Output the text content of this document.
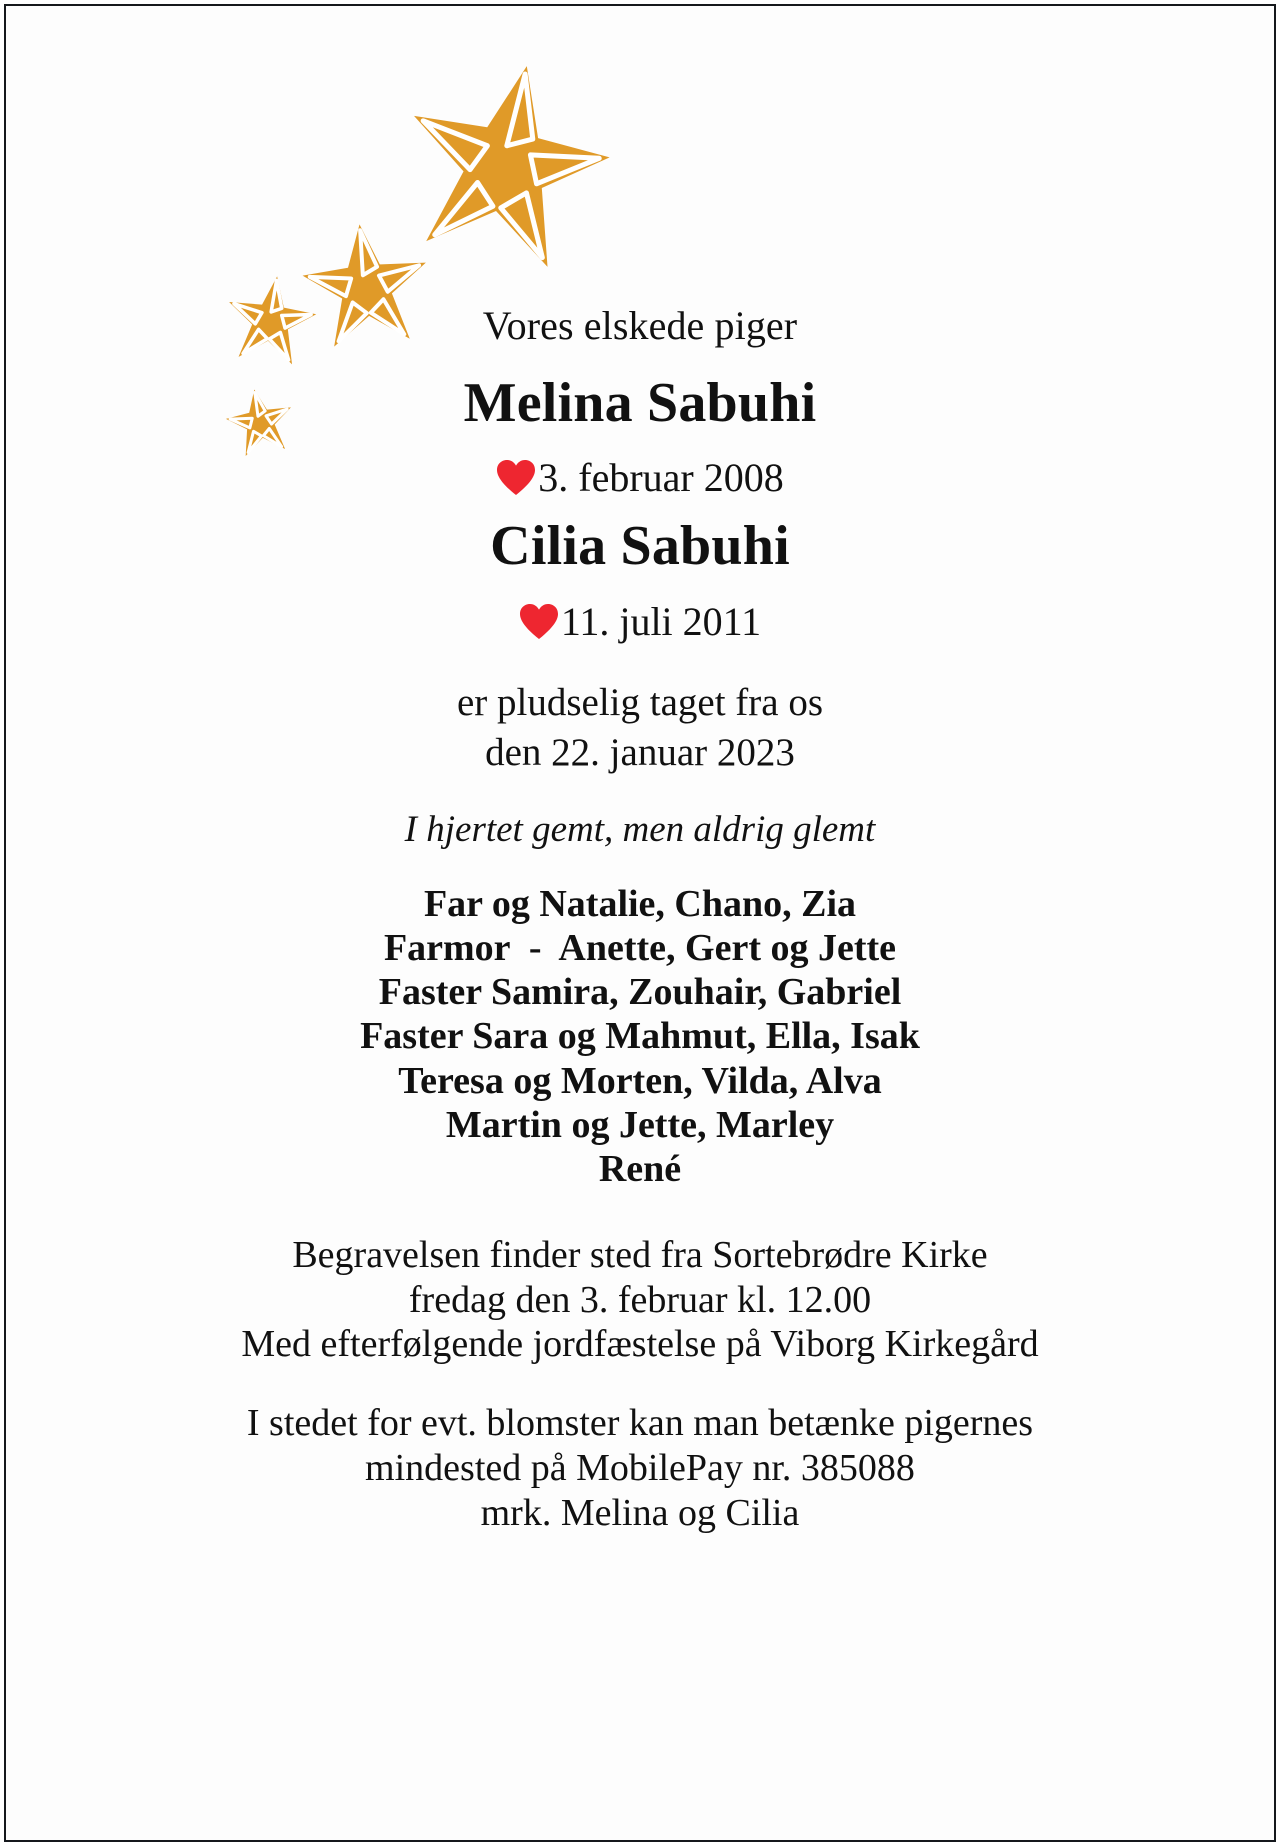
Vores elskede piger
Melina Sabuhi
3. februar 2008
Cilia Sabuhi
11. juli 2011
er pludselig taget fra os
den 22. januar 2023
I hjertet gemt, men aldrig glemt
Far og Natalie, Chano, Zia
Farmor  -  Anette, Gert og Jette
Faster Samira, Zouhair, Gabriel
Faster Sara og Mahmut, Ella, Isak
Teresa og Morten, Vilda, Alva
Martin og Jette, Marley
René
Begravelsen finder sted fra Sortebrødre Kirke
fredag den 3. februar kl. 12.00
Med efterfølgende jordfæstelse på Viborg Kirkegård
I stedet for evt. blomster kan man betænke pigernes
mindested på MobilePay nr. 385088
mrk. Melina og Cilia
